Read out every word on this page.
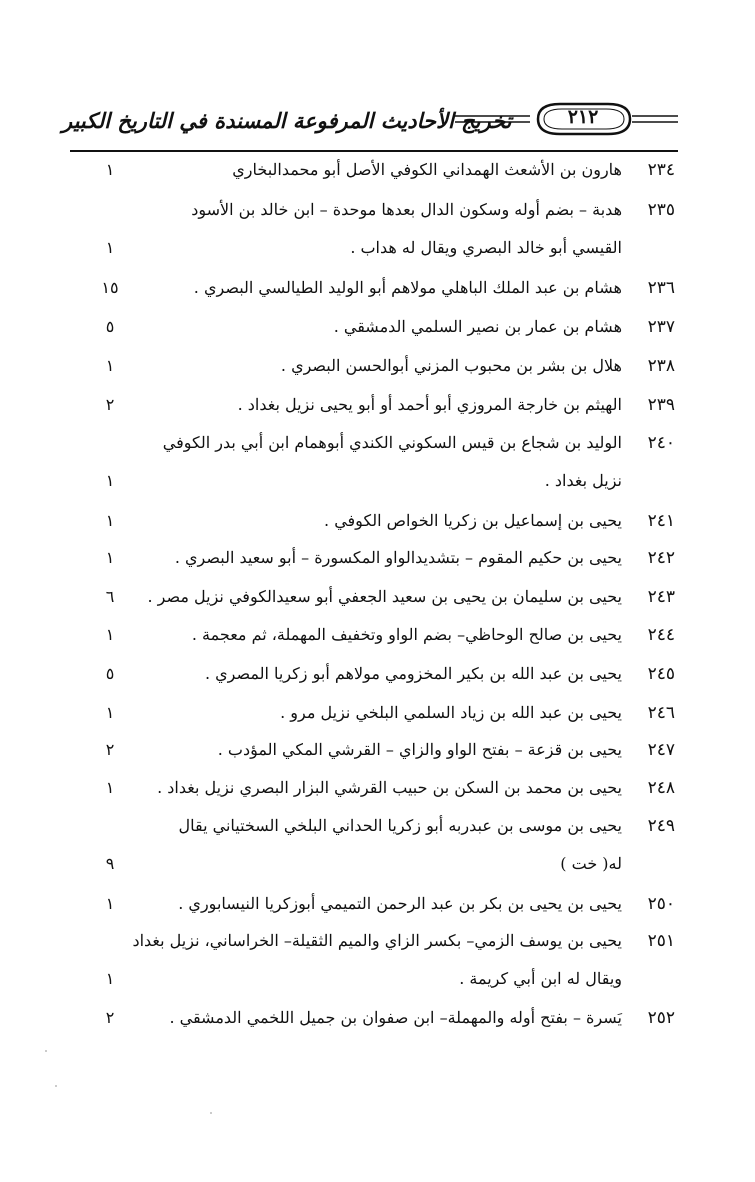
٢١٢
تخريج الأحاديث المرفوعة المسندة في التاريخ الكبير
٢٣٤
هارون بن الأشعث الهمداني الكوفي الأصل أبو محمدالبخاري
١
٢٣٥
هدبة – بضم أوله وسكون الدال بعدها موحدة – ابن خالد بن الأسود
القيسي أبو خالد البصري ويقال له هداب .
١
٢٣٦
هشام بن عبد الملك الباهلي مولاهم أبو الوليد الطيالسي البصري .
١٥
٢٣٧
هشام بن عمار بن نصير السلمي الدمشقي .
٥
٢٣٨
هلال بن بشر بن محبوب المزني أبوالحسن البصري .
١
٢٣٩
الهيثم بن خارجة المروزي أبو أحمد أو أبو يحيى نزيل بغداد .
٢
٢٤٠
الوليد بن شجاع بن قيس السكوني الكندي أبوهمام ابن أبي بدر الكوفي
نزيل بغداد .
١
٢٤١
يحيى بن إسماعيل بن زكريا الخواص الكوفي .
١
٢٤٢
يحيى بن حكيم المقوم – بتشديدالواو المكسورة – أبو سعيد البصري .
١
٢٤٣
يحيى بن سليمان بن يحيى بن سعيد الجعفي أبو سعيدالكوفي نزيل مصر .
٦
٢٤٤
يحيى بن صالح الوحاظي– بضم الواو وتخفيف المهملة، ثم معجمة .
١
٢٤٥
يحيى بن عبد الله بن بكير المخزومي مولاهم أبو زكريا المصري .
٥
٢٤٦
يحيى بن عبد الله بن زياد السلمي البلخي نزيل مرو .
١
٢٤٧
يحيى بن قزعة – بفتح الواو والزاي – القرشي المكي المؤدب .
٢
٢٤٨
يحيى بن محمد بن السكن بن حبيب القرشي البزار البصري نزيل بغداد .
١
٢٤٩
يحيى بن موسى بن عبدربه أبو زكريا الحداني البلخي السختياني يقال
له( خت )
٩
٢٥٠
يحيى بن يحيى بن بكر بن عبد الرحمن التميمي أبوزكريا النيسابوري .
١
٢٥١
يحيى بن يوسف الزمي– بكسر الزاي والميم الثقيلة– الخراساني، نزيل بغداد
ويقال له ابن أبي كريمة .
١
٢٥٢
يَسرة – بفتح أوله والمهملة– ابن صفوان بن جميل اللخمي الدمشقي .
٢
